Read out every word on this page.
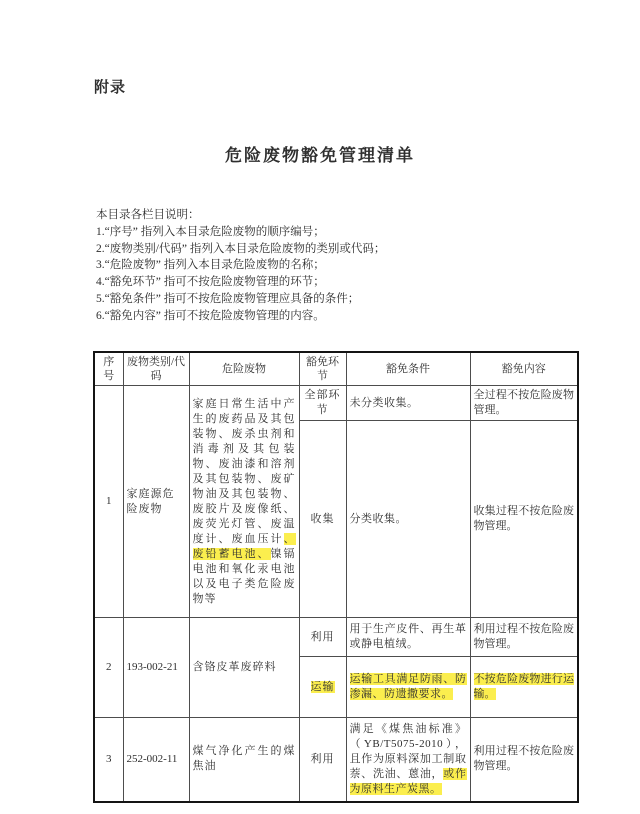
附录
危险废物豁免管理清单
本目录各栏目说明：
1.“序号” 指列入本目录危险废物的顺序编号；
2.“废物类别/代码” 指列入本目录危险废物的类别或代码；
3.“危险废物” 指列入本目录危险废物的名称；
4.“豁免环节” 指可不按危险废物管理的环节；
5.“豁免条件” 指可不按危险废物管理应具备的条件；
6.“豁免内容” 指可不按危险废物管理的内容。
序号	废物类别/代码	危险废物	豁免环节	豁免条件	豁免内容
1	家庭源危险废物	家庭日常生活中产生的废药品及其包装物、废杀虫剂和消毒剂及其包装物、废油漆和溶剂及其包装物、废矿物油及其包装物、废胶片及废像纸、废荧光灯管、废温度计、废血压计、废铅蓄电池、镍镉电池和氧化汞电池以及电子类危险废物等	全部环节	未分类收集。	全过程不按危险废物管理。
			收集	分类收集。	收集过程不按危险废物管理。
2	193-002-21	含铬皮革废碎料	利用	用于生产皮件、再生革或静电植绒。	利用过程不按危险废物管理。
			运输	运输工具满足防雨、防渗漏、防遗撒要求。	不按危险废物进行运输。
3	252-002-11	煤气净化产生的煤焦油	利用	满足《煤焦油标准》（YB/T5075-2010），且作为原料深加工制取萘、洗油、蒽油，或作为原料生产炭黑。	利用过程不按危险废物管理。
